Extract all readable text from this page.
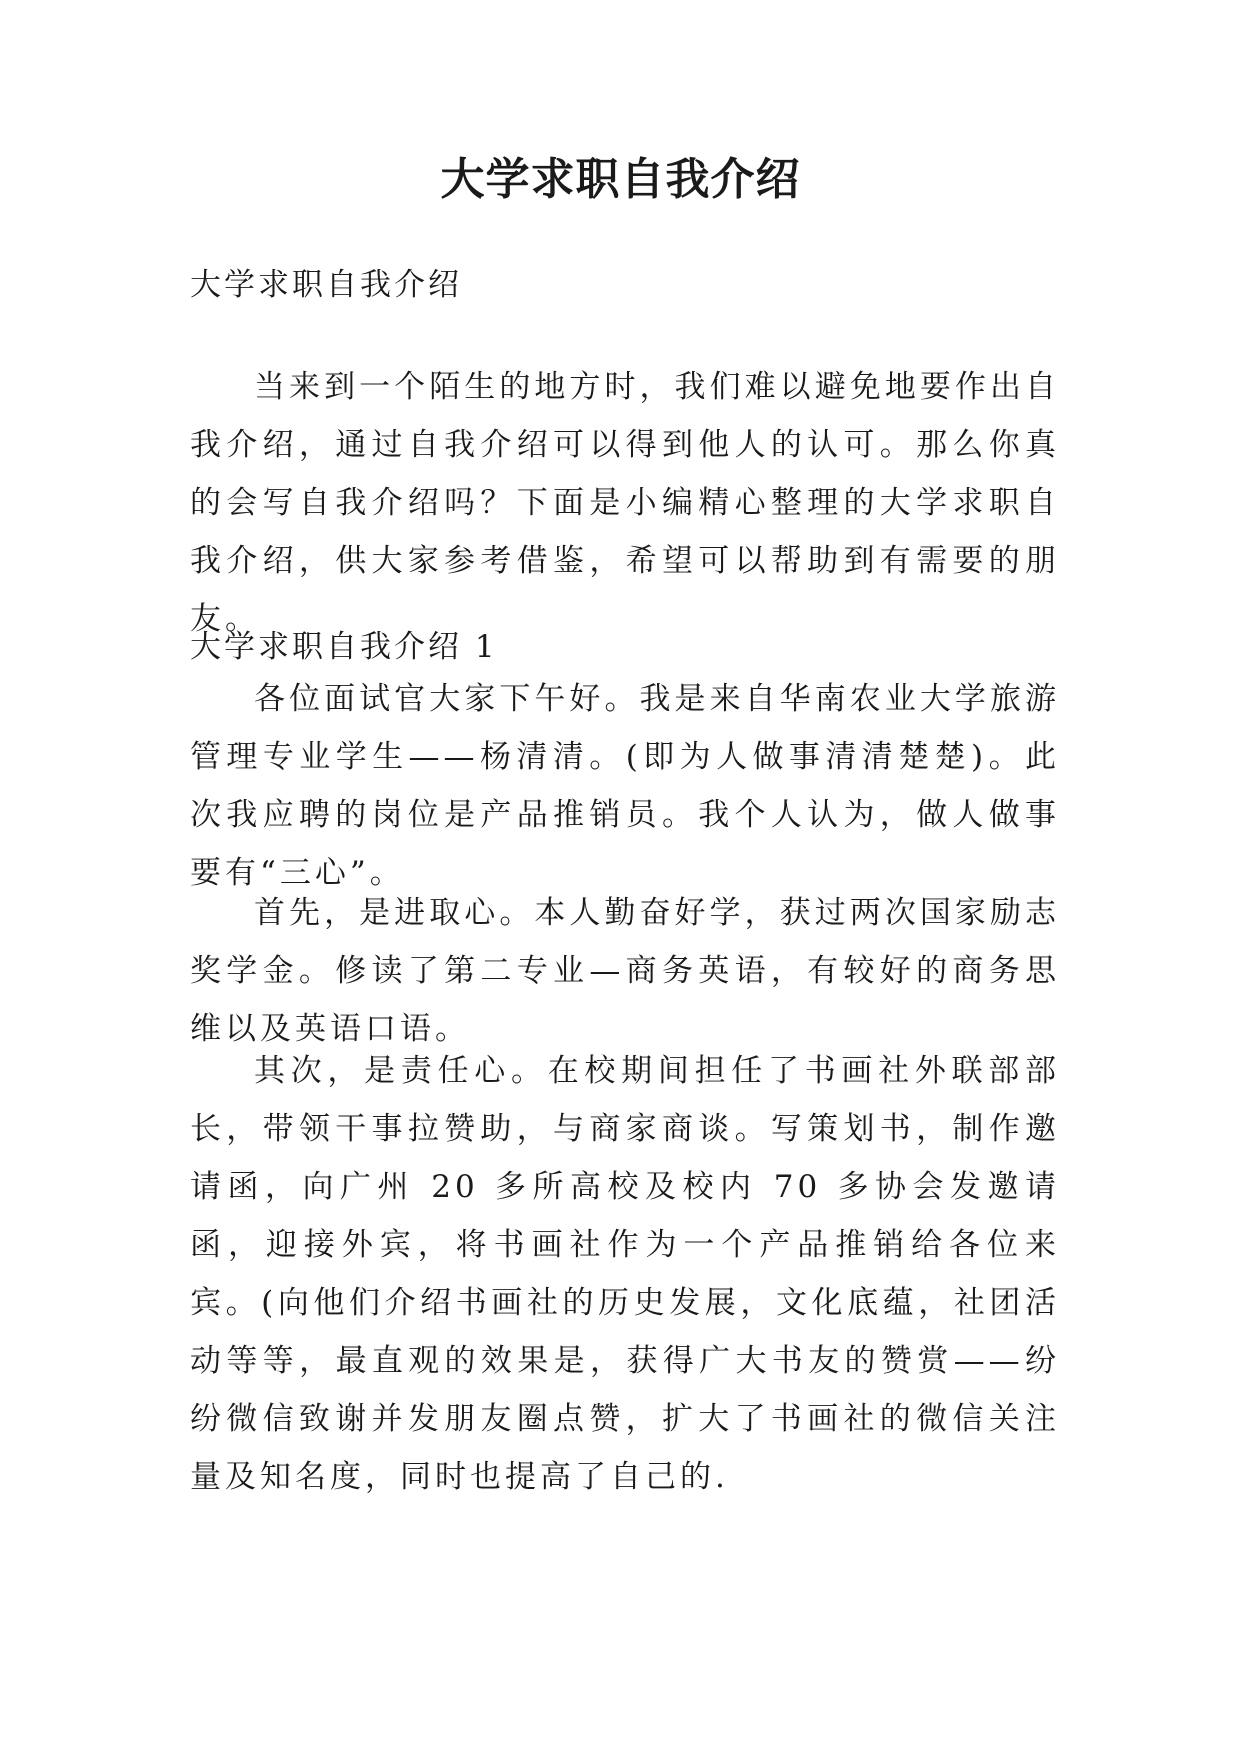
大学求职自我介绍

大学求职自我介绍

当来到一个陌生的地方时，我们难以避免地要作出自我介绍，通过自我介绍可以得到他人的认可。那么你真的会写自我介绍吗？下面是小编精心整理的大学求职自我介绍，供大家参考借鉴，希望可以帮助到有需要的朋友。

大学求职自我介绍 1

各位面试官大家下午好。我是来自华南农业大学旅游管理专业学生——杨清清。(即为人做事清清楚楚)。此次我应聘的岗位是产品推销员。我个人认为，做人做事要有“三心”。

首先，是进取心。本人勤奋好学，获过两次国家励志奖学金。修读了第二专业—商务英语，有较好的商务思维以及英语口语。

其次，是责任心。在校期间担任了书画社外联部部长，带领干事拉赞助，与商家商谈。写策划书，制作邀请函，向广州 20 多所高校及校内 70 多协会发邀请函，迎接外宾，将书画社作为一个产品推销给各位来宾。(向他们介绍书画社的历史发展，文化底蕴，社团活动等等，最直观的效果是，获得广大书友的赞赏——纷纷微信致谢并发朋友圈点赞，扩大了书画社的微信关注量及知名度，同时也提高了自己的.
